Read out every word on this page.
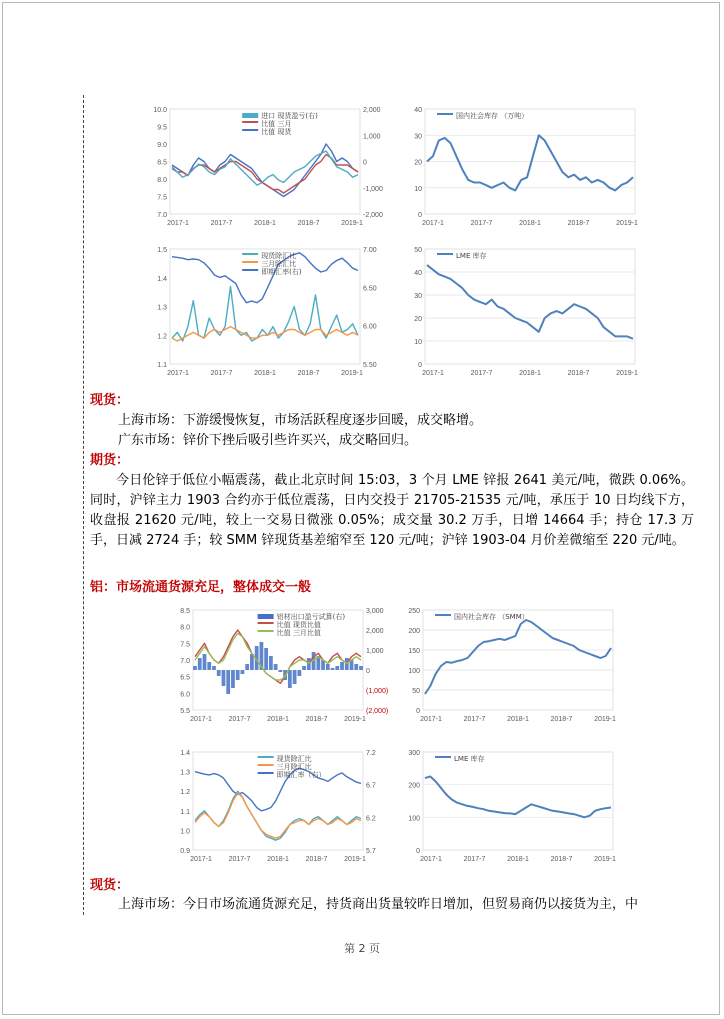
10.0
9.5
9.0
8.5
8.0
7.5
7.0
2,000
1,000
0
-1,000
-2,000
2017-1	2017-7	2018-1	2018-7	2019-1
进口 现货盈亏(右)
比值 三月
比值 现货
40
30
20
10
0
2017-1	2017-7	2018-1	2018-7	2019-1
国内社会库存 （万吨）
1.5
1.4
1.3
1.2
1.1
7.00
6.50
6.00
5.50
2017-1	2017-7	2018-1	2018-7	2019-1
现货除汇比
三月除汇比
即期汇率(右)
50
40
30
20
10
0
2017-1	2017-7	2018-1	2018-7	2019-1
LME 库存
现货：
上海市场：下游缓慢恢复，市场活跃程度逐步回暖，成交略增。
广东市场：锌价下挫后吸引些许买兴，成交略回归。
期货：
今日伦锌于低位小幅震荡，截止北京时间 15:03，3 个月 LME 锌报 2641 美元/吨，微跌 0.06%。同时，沪锌主力 1903 合约亦于低位震荡，日内交投于 21705-21535 元/吨，承压于 10 日均线下方，收盘报 21620 元/吨，较上一交易日微涨 0.05%；成交量 30.2 万手，日增 14664 手；持仓 17.3 万手，日减 2724 手；较 SMM 锌现货基差缩窄至 120 元/吨；沪锌 1903-04 月价差微缩至 220 元/吨。
铝：市场流通货源充足，整体成交一般
8.5
8.0
7.5
7.0
6.5
6.0
5.5
3,000
2,000
1,000
0
(1,000)
(2,000)
2017-1 2017-7 2018-1 2018-7 2019-1
铝材出口盈亏试算(右)
比值 现货比值
比值 三月比值
250
200
150
100
50
0
2017-1	2017-7	2018-1	2018-7	2019-1
国内社会库存 （SMM）
1.4
1.3
1.2
1.1
1.0
0.9
7.2
6.7
6.2
5.7
2017-1 2017-7 2018-1 2018-7 2019-1
现货除汇比
三月除汇比
即期汇率（右）
300
200
100
0
2017-1	2017-7	2018-1	2018-7	2019-1
LME 库存
现货：
上海市场：今日市场流通货源充足，持货商出货量较昨日增加，但贸易商仍以接货为主，中
第 2 页
